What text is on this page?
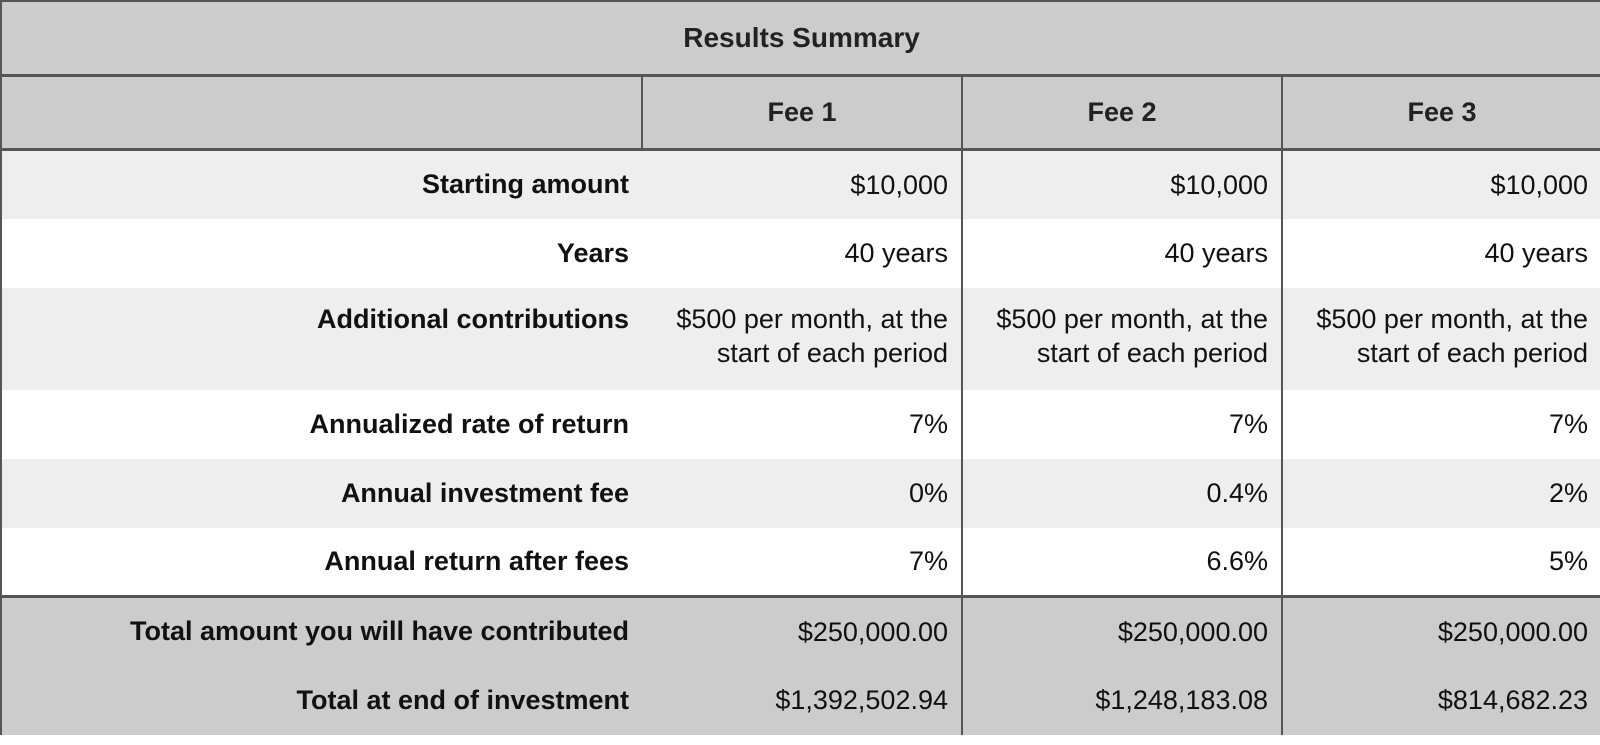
Results Summary			
	Fee 1	Fee 2	Fee 3
Starting amount	$10,000	$10,000	$10,000
Years	40 years	40 years	40 years
Additional contributions	$500 per month, at the start of each period	$500 per month, at the start of each period	$500 per month, at the start of each period
Annualized rate of return	7%	7%	7%
Annual investment fee	0%	0.4%	2%
Annual return after fees	7%	6.6%	5%
Total amount you will have contributed	$250,000.00	$250,000.00	$250,000.00
Total at end of investment	$1,392,502.94	$1,248,183.08	$814,682.23
